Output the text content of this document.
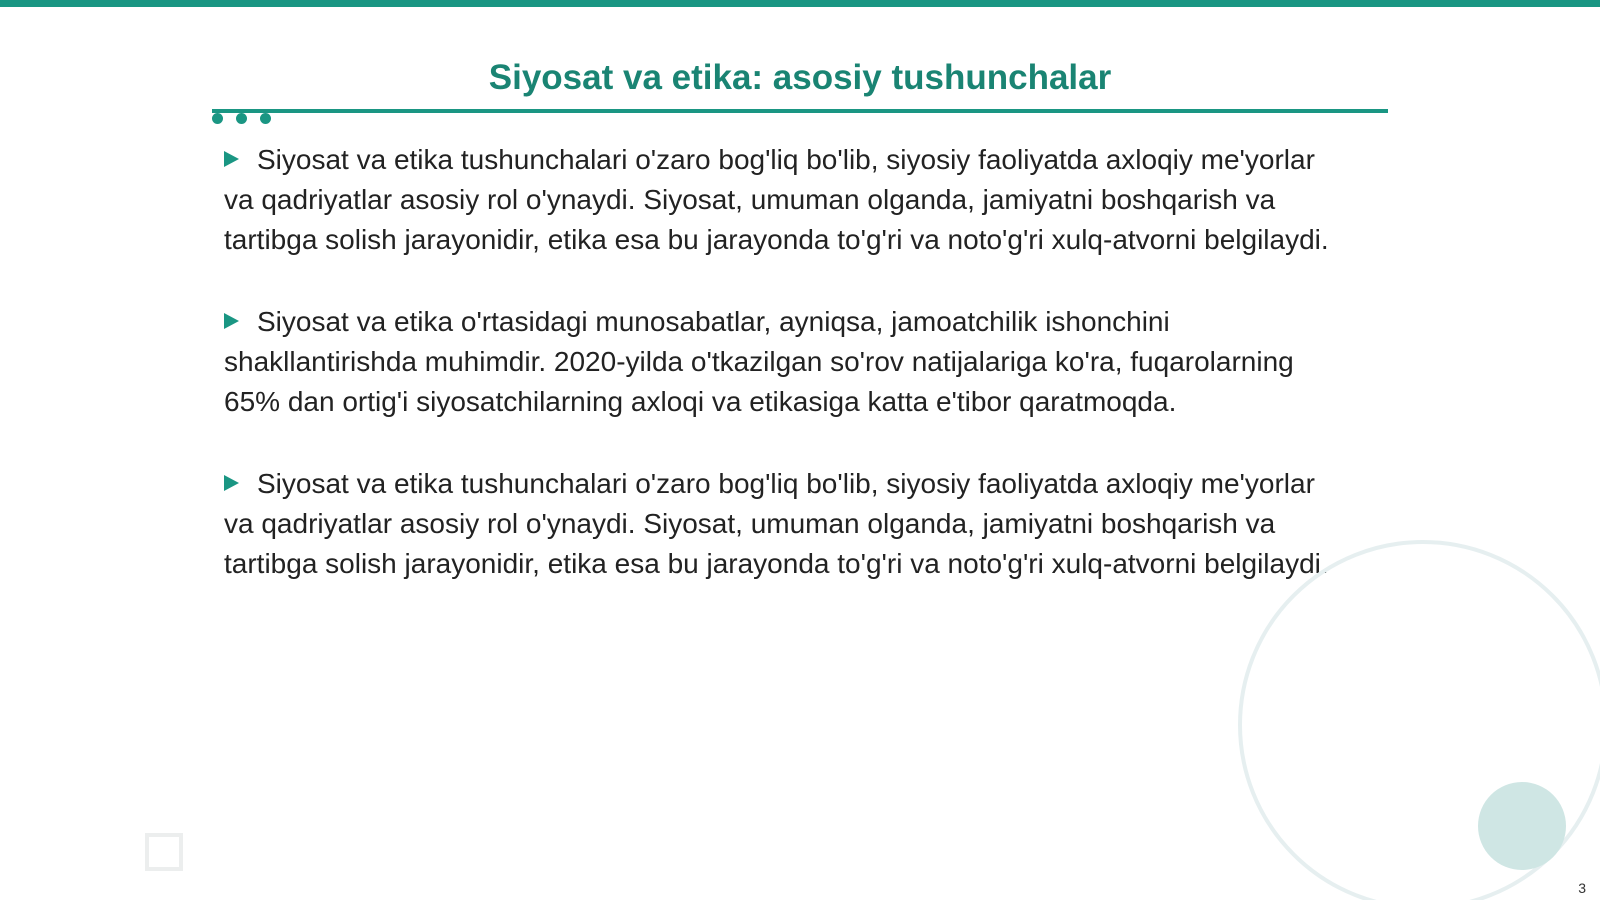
Siyosat va etika: asosiy tushunchalar
Siyosat va etika tushunchalari o'zaro bog'liq bo'lib, siyosiy faoliyatda axloqiy me'yorlar va qadriyatlar asosiy rol o'ynaydi. Siyosat, umuman olganda, jamiyatni boshqarish va tartibga solish jarayonidir, etika esa bu jarayonda to'g'ri va noto'g'ri xulq-atvorni belgilaydi.
Siyosat va etika o'rtasidagi munosabatlar, ayniqsa, jamoatchilik ishonchini shakllantirishda muhimdir. 2020-yilda o'tkazilgan so'rov natijalariga ko'ra, fuqarolarning 65% dan ortig'i siyosatchilarning axloqi va etikasiga katta e'tibor qaratmoqda.
Siyosat va etika tushunchalari o'zaro bog'liq bo'lib, siyosiy faoliyatda axloqiy me'yorlar va qadriyatlar asosiy rol o'ynaydi. Siyosat, umuman olganda, jamiyatni boshqarish va tartibga solish jarayonidir, etika esa bu jarayonda to'g'ri va noto'g'ri xulq-atvorni belgilaydi.
3
